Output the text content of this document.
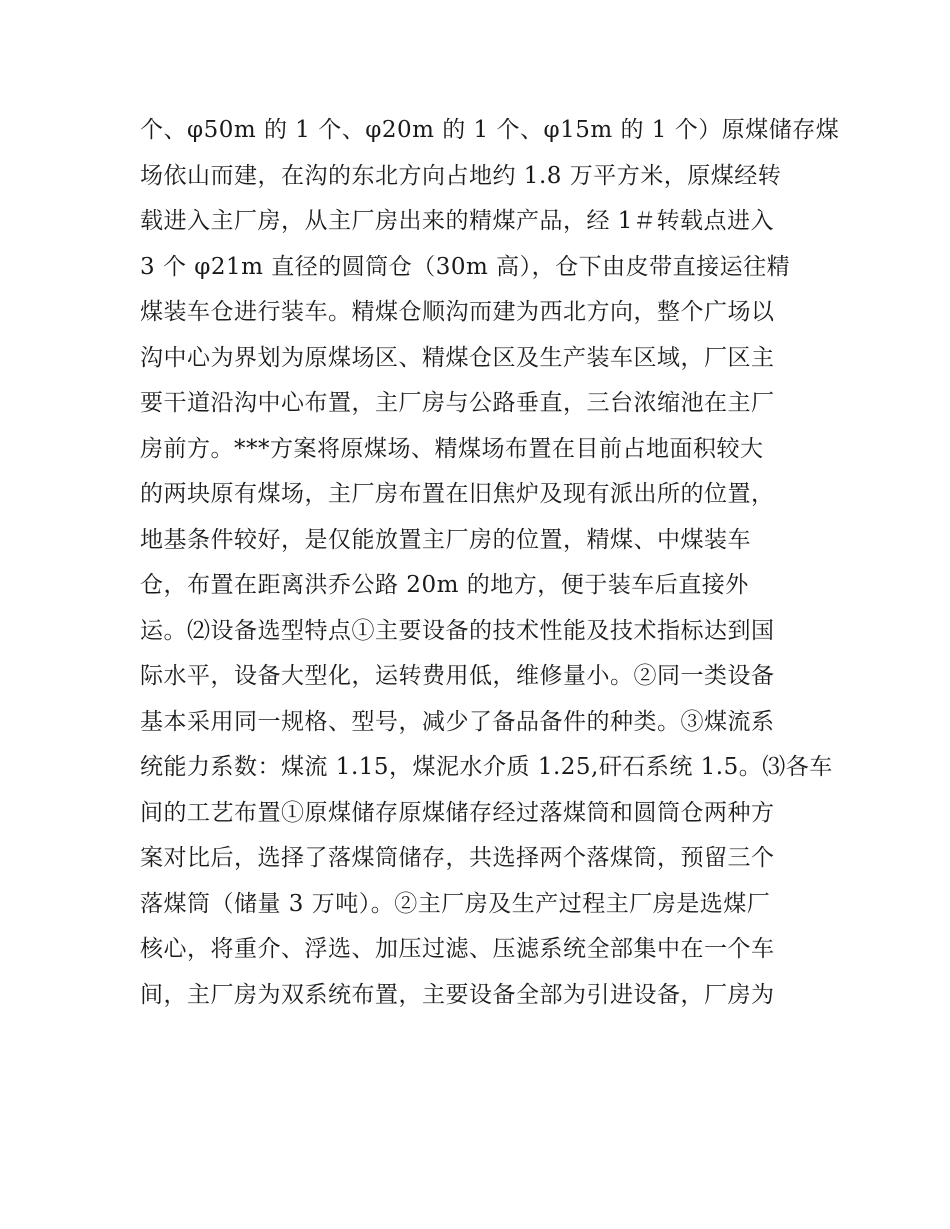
个、φ50m 的 1 个、φ20m 的 1 个、φ15m 的 1 个）原煤储存煤
场依山而建，在沟的东北方向占地约 1.8 万平方米，原煤经转
载进入主厂房，从主厂房出来的精煤产品，经 1＃转载点进入
3 个 φ21m 直径的圆筒仓（30m 高），仓下由皮带直接运往精
煤装车仓进行装车。精煤仓顺沟而建为西北方向，整个广场以
沟中心为界划为原煤场区、精煤仓区及生产装车区域，厂区主
要干道沿沟中心布置，主厂房与公路垂直，三台浓缩池在主厂
房前方。***方案将原煤场、精煤场布置在目前占地面积较大
的两块原有煤场，主厂房布置在旧焦炉及现有派出所的位置，
地基条件较好，是仅能放置主厂房的位置，精煤、中煤装车
仓，布置在距离洪乔公路 20m 的地方，便于装车后直接外
运。⑵设备选型特点①主要设备的技术性能及技术指标达到国
际水平，设备大型化，运转费用低，维修量小。②同一类设备
基本采用同一规格、型号，减少了备品备件的种类。③煤流系
统能力系数：煤流 1.15，煤泥水介质 1.25,矸石系统 1.5。⑶各车
间的工艺布置①原煤储存原煤储存经过落煤筒和圆筒仓两种方
案对比后，选择了落煤筒储存，共选择两个落煤筒，预留三个
落煤筒（储量 3 万吨）。②主厂房及生产过程主厂房是选煤厂
核心，将重介、浮选、加压过滤、压滤系统全部集中在一个车
间，主厂房为双系统布置，主要设备全部为引进设备，厂房为
